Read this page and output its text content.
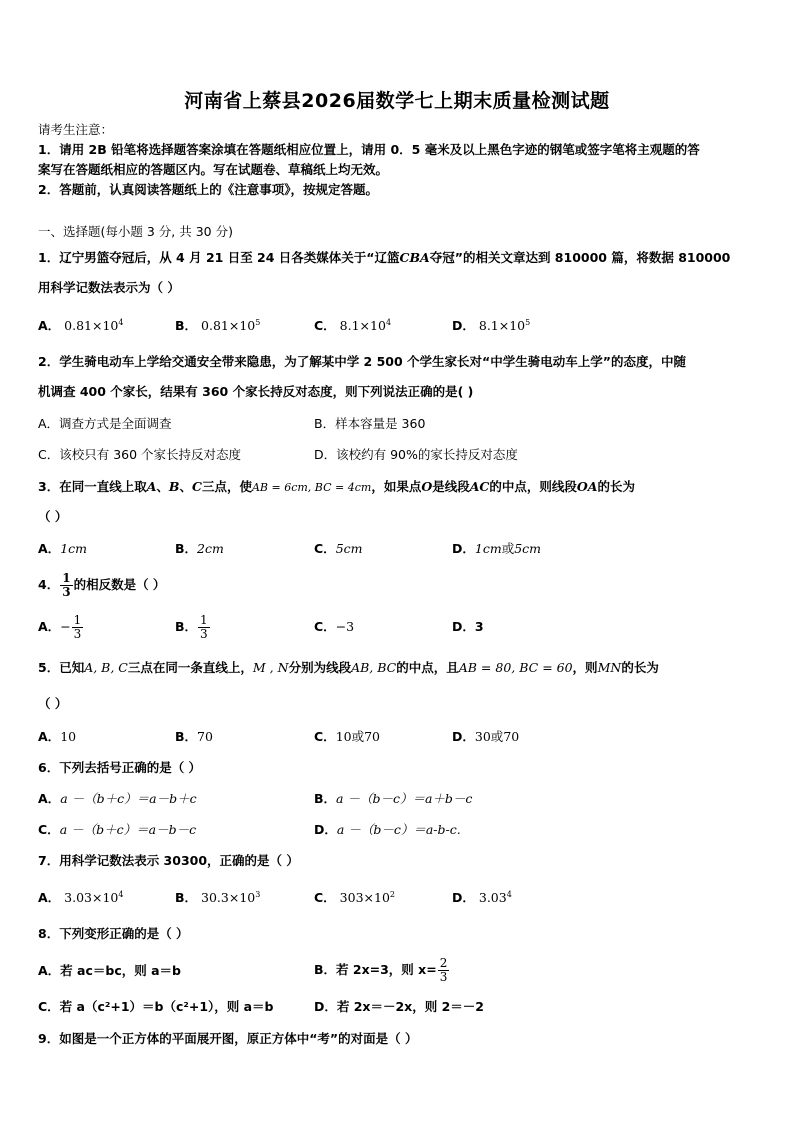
河南省上蔡县2026届数学七上期末质量检测试题
请考生注意：
1．请用 2B 铅笔将选择题答案涂填在答题纸相应位置上，请用 0．5 毫米及以上黑色字迹的钢笔或签字笔将主观题的答
案写在答题纸相应的答题区内。写在试题卷、草稿纸上均无效。
2．答题前，认真阅读答题纸上的《注意事项》，按规定答题。
一、选择题(每小题 3 分, 共 30 分)
1．辽宁男篮夺冠后，从 4 月 21 日至 24 日各类媒体关于“辽篮CBA夺冠”的相关文章达到 810000 篇，将数据 810000
用科学记数法表示为（ ）
A． $0.81\times 10^4$	B． $0.81\times 10^5$	C． $8.1\times 10^4$	D． $8.1\times 10^5$
2．学生骑电动车上学给交通安全带来隐患，为了解某中学 2 500 个学生家长对“中学生骑电动车上学”的态度，中随
机调查 400 个家长，结果有 360 个家长持反对态度，则下列说法正确的是( )
A．调查方式是全面调查	B．样本容量是 360
C．该校只有 360 个家长持反对态度	D．该校约有 90%的家长持反对态度
3．在同一直线上取A、B、C三点，使AB = 6cm, BC = 4cm，如果点O是线段AC的中点，则线段OA的长为
（ ）
A．1cm	B．2cm	C．5cm	D．1cm或5cm
4． $\frac{1}{3}$ 的相反数是（ ）
A．− $\frac{1}{3}$	B． $\frac{1}{3}$	C．−3	D．3
5．已知A, B, C三点在同一条直线上，M , N分别为线段AB, BC的中点，且AB = 80, BC = 60，则MN的长为
（ ）
A．10	B．70	C．10或70	D．30或70
6．下列去括号正确的是（ ）
A．a －（b＋c）＝a－b＋c	B．a －（b－c）＝a＋b－c
C．a －（b＋c）＝a－b－c	D．a －（b－c）＝a-b-c.
7．用科学记数法表示 30300，正确的是（ ）
A． $3.03\times 10^4$	B． $30.3\times 10^3$	C． $303\times 10^2$	D． 3.03$^4$
8．下列变形正确的是（ ）
A．若 ac＝bc，则 a＝b	B．若 2x=3，则 $x= \frac{2}{3}$
C．若 a（c²+1）＝b（c²+1），则 a＝b	D．若 2x＝－2x，则 2＝－2
9．如图是一个正方体的平面展开图，原正方体中“考”的对面是（ ）
